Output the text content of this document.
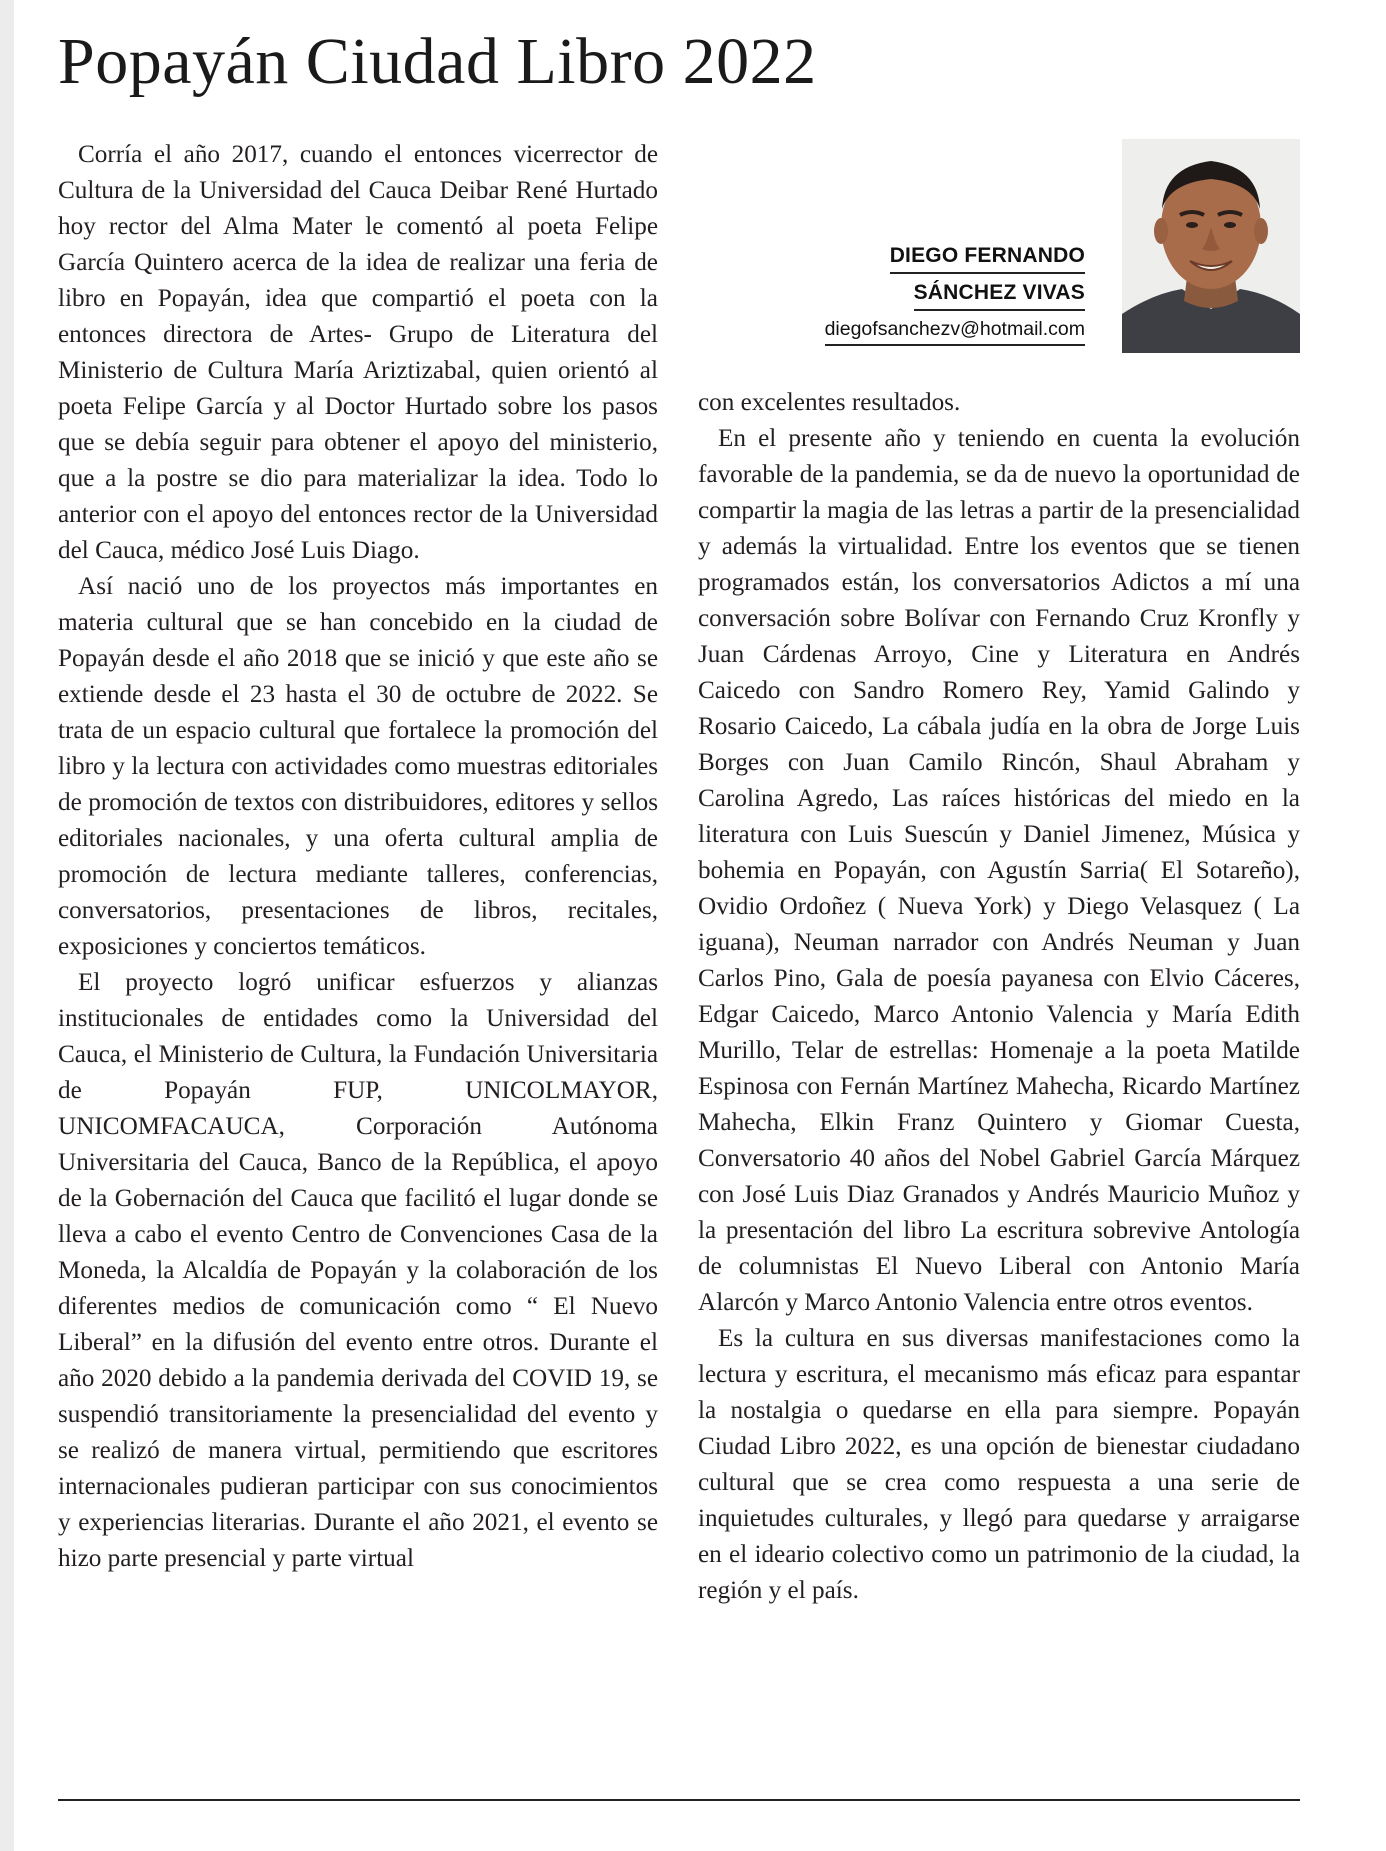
Popayán Ciudad Libro 2022

Corría el año 2017, cuando el entonces vicerrector de Cultura de la Universidad del Cauca Deibar René Hurtado hoy rector del Alma Mater le comentó al poeta Felipe García Quintero acerca de la idea de realizar una feria de libro en Popayán, idea que compartió el poeta con la entonces directora de Artes- Grupo de Literatura del Ministerio de Cultura María Ariztizabal, quien orientó al poeta Felipe García y al Doctor Hurtado sobre los pasos que se debía seguir para obtener el apoyo del ministerio, que a la postre se dio para materializar la idea. Todo lo anterior con el apoyo del entonces rector de la Universidad del Cauca, médico José Luis Diago.

Así nació uno de los proyectos más importantes en materia cultural que se han concebido en la ciudad de Popayán desde el año 2018 que se inició y que este año se extiende desde el 23 hasta el 30 de octubre de 2022. Se trata de un espacio cultural que fortalece la promoción del libro y la lectura con actividades como muestras editoriales de promoción de textos con distribuidores, editores y sellos editoriales nacionales, y una oferta cultural amplia de promoción de lectura mediante talleres, conferencias, conversatorios, presentaciones de libros, recitales, exposiciones y conciertos temáticos.

El proyecto logró unificar esfuerzos y alianzas institucionales de entidades como la Universidad del Cauca, el Ministerio de Cultura, la Fundación Universitaria de Popayán FUP, UNICOLMAYOR, UNICOMFACAUCA, Corporación Autónoma Universitaria del Cauca, Banco de la República, el apoyo de la Gobernación del Cauca que facilitó el lugar donde se lleva a cabo el evento Centro de Convenciones Casa de la Moneda, la Alcaldía de Popayán y la colaboración de los diferentes medios de comunicación como “ El Nuevo Liberal” en la difusión del evento entre otros. Durante el año 2020 debido a la pandemia derivada del COVID 19, se suspendió transitoriamente la presencialidad del evento y se realizó de manera virtual, permitiendo que escritores internacionales pudieran participar con sus conocimientos y experiencias literarias. Durante el año 2021, el evento se hizo parte presencial y parte virtual

DIEGO FERNANDO
SÁNCHEZ VIVAS
diegofsanchezv@hotmail.com

con excelentes resultados.

En el presente año y teniendo en cuenta la evolución favorable de la pandemia, se da de nuevo la oportunidad de compartir la magia de las letras a partir de la presencialidad y además la virtualidad. Entre los eventos que se tienen programados están, los conversatorios Adictos a mí una conversación sobre Bolívar con Fernando Cruz Kronfly y Juan Cárdenas Arroyo, Cine y Literatura en Andrés Caicedo con Sandro Romero Rey, Yamid Galindo y Rosario Caicedo, La cábala judía en la obra de Jorge Luis Borges con Juan Camilo Rincón, Shaul Abraham y Carolina Agredo, Las raíces históricas del miedo en la literatura con Luis Suescún y Daniel Jimenez, Música y bohemia en Popayán, con Agustín Sarria( El Sotareño), Ovidio Ordoñez ( Nueva York) y Diego Velasquez ( La iguana), Neuman narrador con Andrés Neuman y Juan Carlos Pino, Gala de poesía payanesa con Elvio Cáceres, Edgar Caicedo, Marco Antonio Valencia y María Edith Murillo, Telar de estrellas: Homenaje a la poeta Matilde Espinosa con Fernán Martínez Mahecha, Ricardo Martínez Mahecha, Elkin Franz Quintero y Giomar Cuesta, Conversatorio 40 años del Nobel Gabriel García Márquez con José Luis Diaz Granados y Andrés Mauricio Muñoz y la presentación del libro La escritura sobrevive Antología de columnistas El Nuevo Liberal con Antonio María Alarcón y Marco Antonio Valencia entre otros eventos.

Es la cultura en sus diversas manifestaciones como la lectura y escritura, el mecanismo más eficaz para espantar la nostalgia o quedarse en ella para siempre. Popayán Ciudad Libro 2022, es una opción de bienestar ciudadano cultural que se crea como respuesta a una serie de inquietudes culturales, y llegó para quedarse y arraigarse en el ideario colectivo como un patrimonio de la ciudad, la región y el país.
